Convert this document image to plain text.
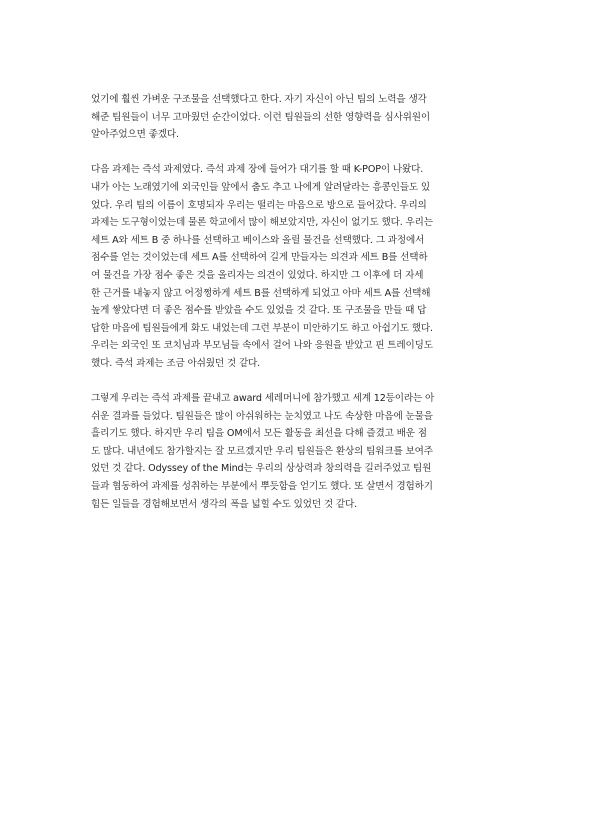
었기에 훨씬 가벼운 구조물을 선택했다고 한다. 자기 자신이 아닌 팀의 노력을 생각
해준 팀원들이 너무 고마웠던 순간이었다. 이런 팀원들의 선한 영향력을 심사위원이
알아주었으면 좋겠다.

다음 과제는 즉석 과제였다. 즉석 과제 장에 들어가 대기를 할 때 K-POP이 나왔다.
내가 아는 노래였기에 외국인들 앞에서 춤도 추고 나에게 알려달라는 흥콩인들도 있
었다. 우리 팀의 이름이 호명되자 우리는 떨리는 마음으로 방으로 들어갔다. 우리의
과제는 도구형이었는데 물론 학교에서 많이 해보았지만, 자신이 없기도 했다. 우리는
세트 A와 세트 B 중 하나를 선택하고 베이스와 올릴 물건을 선택했다. 그 과정에서
점수를 얻는 것이었는데 세트 A를 선택하여 길게 만들자는 의견과 세트 B를 선택하
여 물건을 가장 점수 좋은 것을 올리자는 의견이 있었다. 하지만 그 이후에 더 자세
한 근거를 내놓지 않고 어정쩡하게 세트 B를 선택하게 되었고 아마 세트 A를 선택해
높게 쌓았다면 더 좋은 점수를 받았을 수도 있었을 것 같다. 또 구조물을 만들 때 답
답한 마음에 팀원들에게 화도 내었는데 그런 부분이 미안하기도 하고 아쉽기도 했다.
우리는 외국인 또 코치님과 부모님들 속에서 걸어 나와 응원을 받았고 핀 트레이딩도
했다. 즉석 과제는 조금 아쉬웠던 것 같다.

그렇게 우리는 즉석 과제를 끝내고 award 세레머니에 참가했고 세계 12등이라는 아
쉬운 결과를 들었다. 팀원들은 많이 아쉬워하는 눈치였고 나도 속상한 마음에 눈물을
흘리기도 했다. 하지만 우리 팀을 OM에서 모든 활동을 최선을 다해 즐겼고 배운 점
도 많다. 내년에도 참가할지는 잘 모르겠지만 우리 팀원들은 환상의 팀워크를 보여주
었던 것 같다. Odyssey of the Mind는 우리의 상상력과 창의력을 길러주었고 팀원
들과 협동하여 과제를 성취하는 부분에서 뿌듯함을 얻기도 했다. 또 살면서 경험하기
힘든 일들을 경험해보면서 생각의 폭을 넓힐 수도 있었던 것 같다.
